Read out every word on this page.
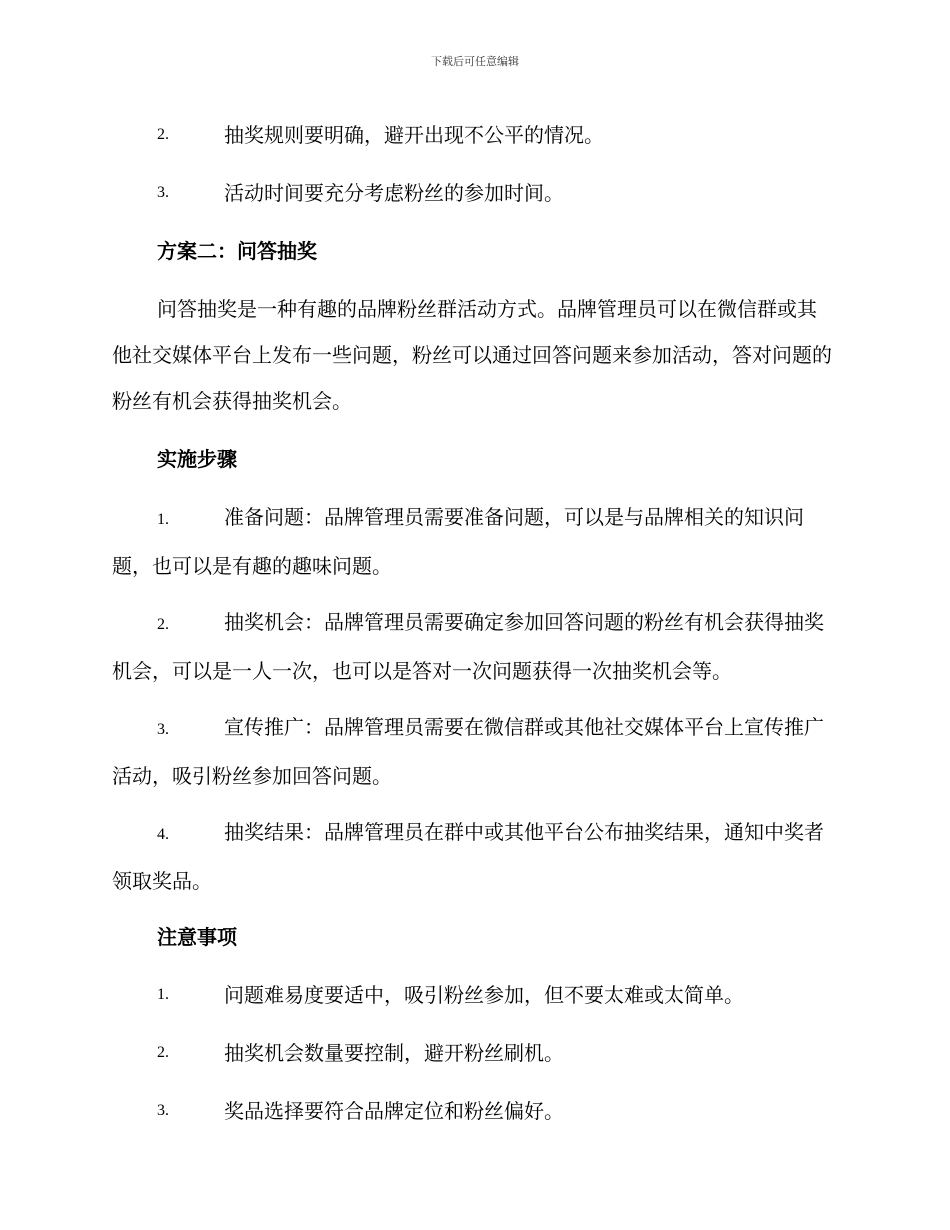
下载后可任意编辑
2.	抽奖规则要明确，避开出现不公平的情况。
3.	活动时间要充分考虑粉丝的参加时间。
方案二：问答抽奖

问答抽奖是一种有趣的品牌粉丝群活动方式。品牌管理员可以在微信群或其他社交媒体平台上发布一些问题，粉丝可以通过回答问题来参加活动，答对问题的粉丝有机会获得抽奖机会。

实施步骤

1.	准备问题：品牌管理员需要准备问题，可以是与品牌相关的知识问题，也可以是有趣的趣味问题。

2.	抽奖机会：品牌管理员需要确定参加回答问题的粉丝有机会获得抽奖机会，可以是一人一次，也可以是答对一次问题获得一次抽奖机会等。

3.	宣传推广：品牌管理员需要在微信群或其他社交媒体平台上宣传推广活动，吸引粉丝参加回答问题。

4.	抽奖结果：品牌管理员在群中或其他平台公布抽奖结果，通知中奖者领取奖品。

注意事项
1.	问题难易度要适中，吸引粉丝参加，但不要太难或太简单。
2.	抽奖机会数量要控制，避开粉丝刷机。
3.	奖品选择要符合品牌定位和粉丝偏好。
